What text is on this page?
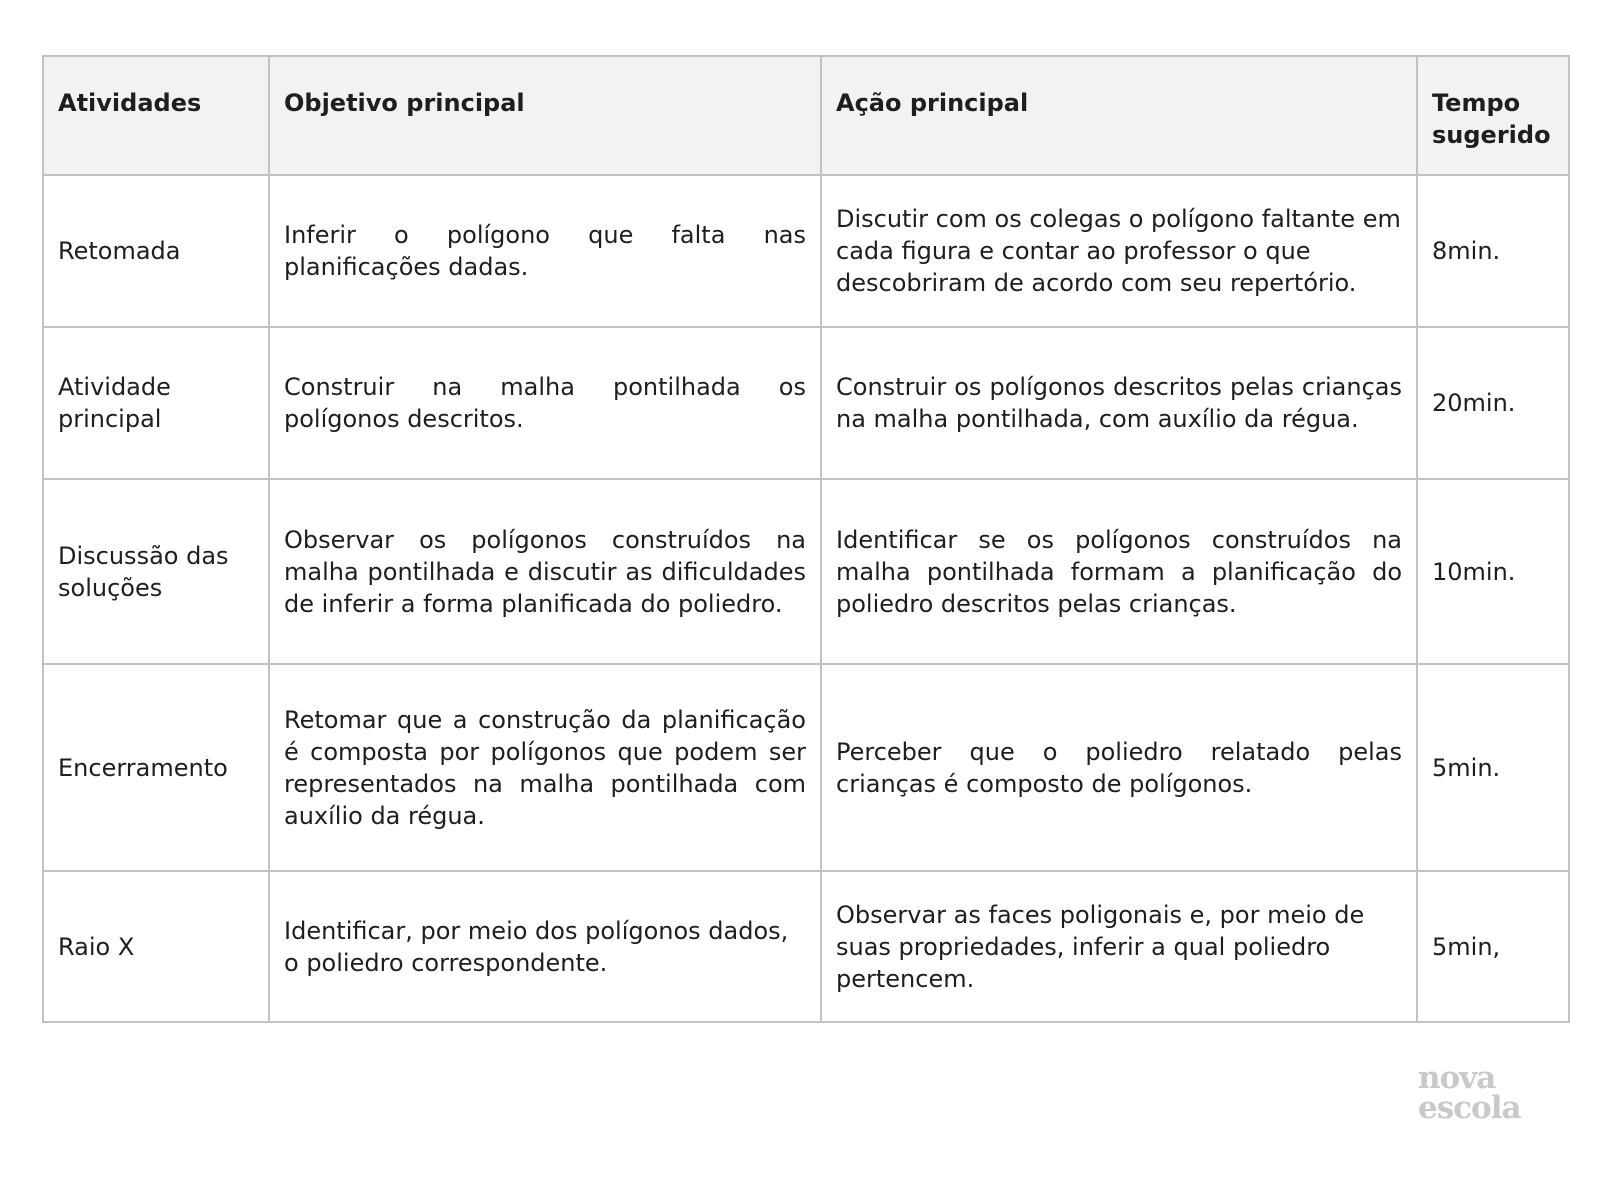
Atividades	Objetivo principal	Ação principal	Tempo sugerido
Retomada	Inferir o polígono que falta nas planificações dadas.	Discutir com os colegas o polígono faltante em cada figura e contar ao professor o que descobriram de acordo com seu repertório.	8min.
Atividade principal	Construir na malha pontilhada os polígonos descritos.	Construir os polígonos descritos pelas crianças na malha pontilhada, com auxílio da régua.	20min.
Discussão das soluções	Observar os polígonos construídos na malha pontilhada e discutir as dificuldades de inferir a forma planificada do poliedro.	Identificar se os polígonos construídos na malha pontilhada formam a planificação do poliedro descritos pelas crianças.	10min.
Encerramento	Retomar que a construção da planificação é composta por polígonos que podem ser representados na malha pontilhada com auxílio da régua.	Perceber que o poliedro relatado pelas crianças é composto de polígonos.	5min.
Raio X	Identificar, por meio dos polígonos dados, o poliedro correspondente.	Observar as faces poligonais e, por meio de suas propriedades, inferir a qual poliedro pertencem.	5min,
nova
escola
